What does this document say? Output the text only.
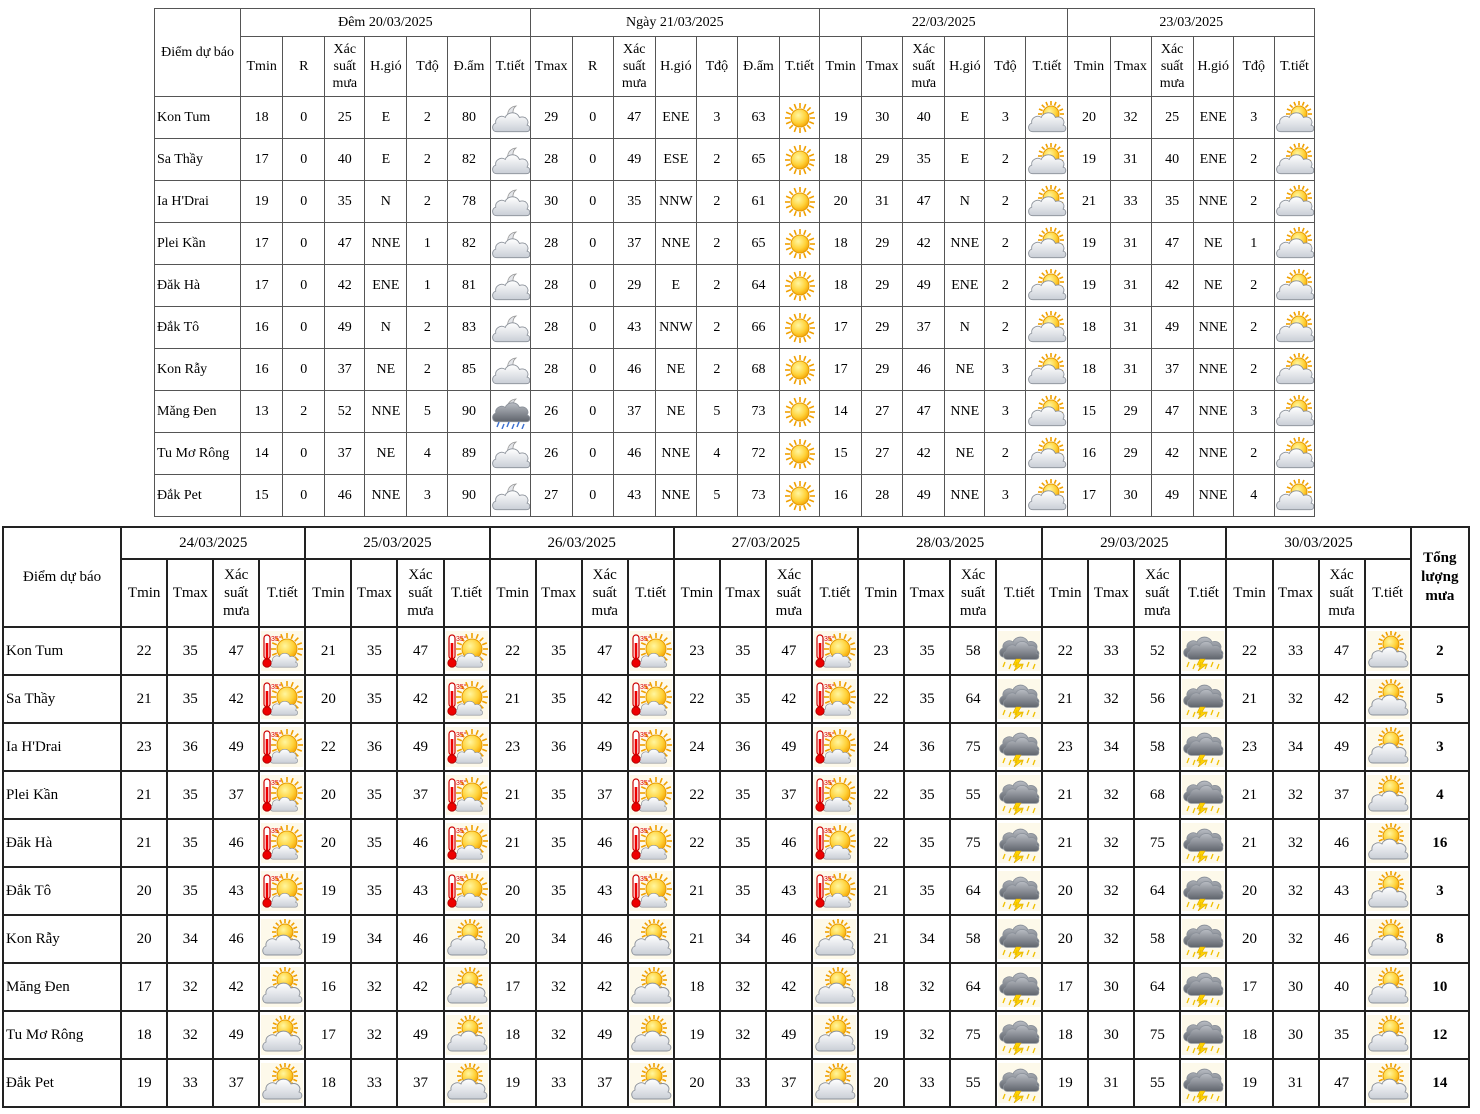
Điểm dự báo	Đêm 20/03/2025							Ngày 21/03/2025							22/03/2025						23/03/2025					
	Tmin	R	Xác suất mưa	H.gió	Tđộ	Đ.ẩm	T.tiết	Tmax	R	Xác suất mưa	H.gió	Tđộ	Đ.ẩm	T.tiết	Tmin	Tmax	Xác suất mưa	H.gió	Tđộ	T.tiết	Tmin	Tmax	Xác suất mưa	H.gió	Tđộ	T.tiết
Kon Tum	18	0	25	E	2	80		29	0	47	ENE	3	63		19	30	40	E	3		20	32	25	ENE	3	

Sa Thầy	17	0	40	E	2	82		28	0	49	ESE	2	65		18	29	35	E	2		19	31	40	ENE	2	

Ia H'Drai	19	0	35	N	2	78		30	0	35	NNW	2	61		20	31	47	N	2		21	33	35	NNE	2	

Plei Kần	17	0	47	NNE	1	82		28	0	37	NNE	2	65		18	29	42	NNE	2		19	31	47	NE	1	

Đăk Hà	17	0	42	ENE	1	81		28	0	29	E	2	64		18	29	49	ENE	2		19	31	42	NE	2	

Đắk Tô	16	0	49	N	2	83		28	0	43	NNW	2	66		17	29	37	N	2		18	31	49	NNE	2	

Kon Rẫy	16	0	37	NE	2	85		28	0	46	NE	2	68		17	29	46	NE	3		18	31	37	NNE	2	

Măng Đen	13	2	52	NNE	5	90		26	0	37	NE	5	73		14	27	47	NNE	3		15	29	47	NNE	3	

Tu Mơ Rông	14	0	37	NE	4	89		26	0	46	NNE	4	72		15	27	42	NE	2		16	29	42	NNE	2	

Đắk Pet	15	0	46	NNE	3	90		27	0	43	NNE	5	73		16	28	49	NNE	3		17	30	49	NNE	4	
Điểm dự báo	24/03/2025				25/03/2025				26/03/2025				27/03/2025				28/03/2025				29/03/2025				30/03/2025				Tổng lượng mưa
	Tmin	Tmax	Xác suất mưa	T.tiết	Tmin	Tmax	Xác suất mưa	T.tiết	Tmin	Tmax	Xác suất mưa	T.tiết	Tmin	Tmax	Xác suất mưa	T.tiết	Tmin	Tmax	Xác suất mưa	T.tiết	Tmin	Tmax	Xác suất mưa	T.tiết	Tmin	Tmax	Xác suất mưa	T.tiết	
Kon Tum	22	35	47	35°	21	35	47	35°	22	35	47	35°	23	35	47	35°	23	35	58		22	33	52		22	33	47		2
Sa Thầy	21	35	42	35°	20	35	42	35°	21	35	42	35°	22	35	42	35°	22	35	64		21	32	56		21	32	42		5
Ia H'Drai	23	36	49	35°	22	36	49	35°	23	36	49	35°	24	36	49	35°	24	36	75		23	34	58		23	34	49		3
Plei Kần	21	35	37	35°	20	35	37	35°	21	35	37	35°	22	35	37	35°	22	35	55		21	32	68		21	32	37		4
Đăk Hà	21	35	46	35°	20	35	46	35°	21	35	46	35°	22	35	46	35°	22	35	75		21	32	75		21	32	46		16
Đắk Tô	20	35	43	35°	19	35	43	35°	20	35	43	35°	21	35	43	35°	21	35	64		20	32	64		20	32	43		3
Kon Rẫy	20	34	46		19	34	46		20	34	46		21	34	46		21	34	58		20	32	58		20	32	46		8
Măng Đen	17	32	42		16	32	42		17	32	42		18	32	42		18	32	64		17	30	64		17	30	40		10
Tu Mơ Rông	18	32	49		17	32	49		18	32	49		19	32	49		19	32	75		18	30	75		18	30	35		12
Đắk Pet	19	33	37		18	33	37		19	33	37		20	33	37		20	33	55		19	31	55		19	31	47		14
